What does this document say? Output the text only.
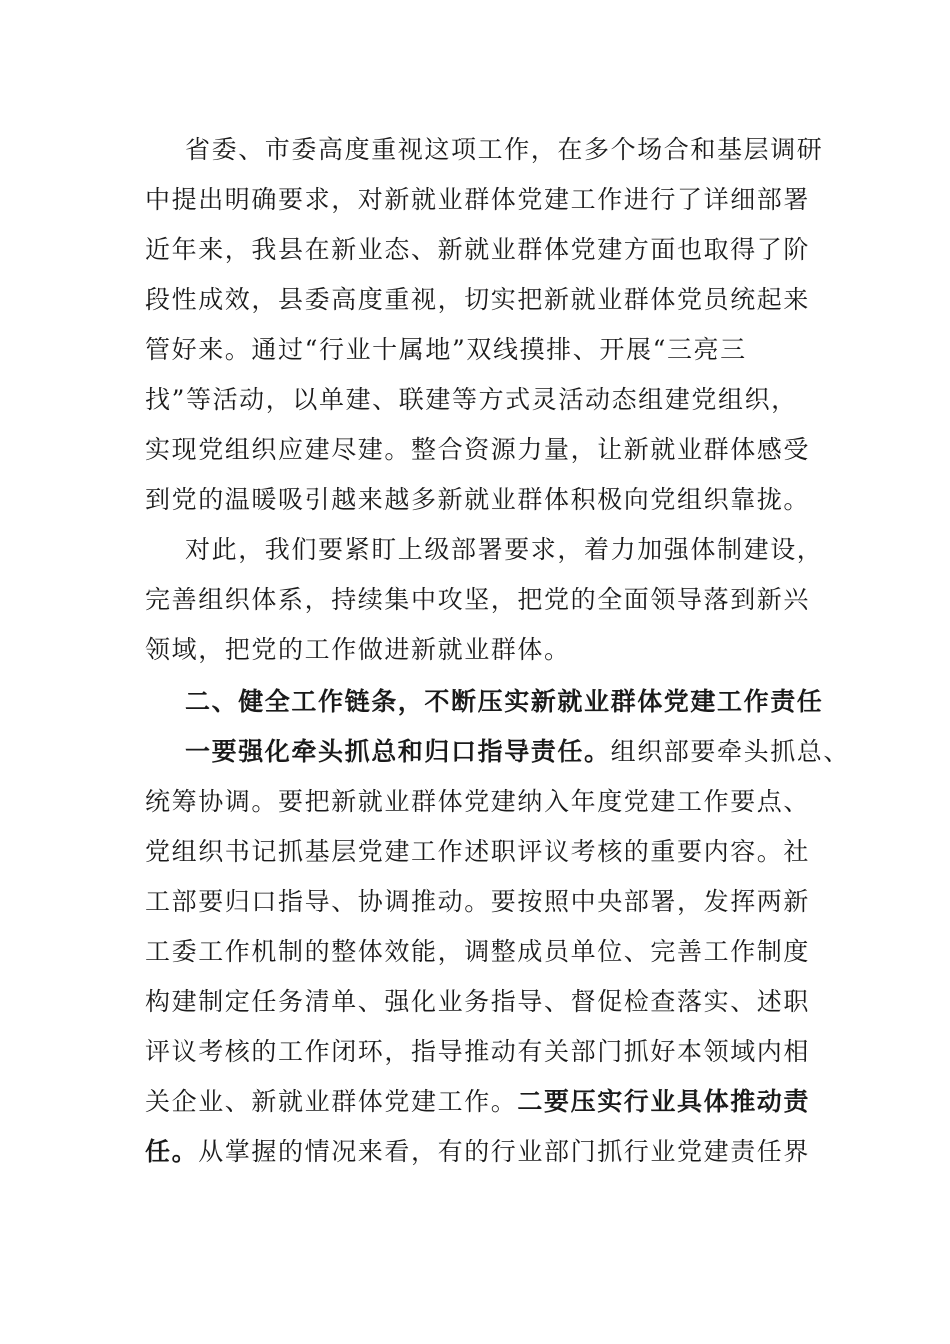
省委、市委高度重视这项工作，在多个场合和基层调研
中提出明确要求，对新就业群体党建工作进行了详细部署
近年来，我县在新业态、新就业群体党建方面也取得了阶
段性成效，县委高度重视，切实把新就业群体党员统起来
管好来。通过“行业十属地”双线摸排、开展“三亮三
找”等活动，以单建、联建等方式灵活动态组建党组织，
实现党组织应建尽建。整合资源力量，让新就业群体感受
到党的温暖吸引越来越多新就业群体积极向党组织靠拢。
对此，我们要紧盯上级部署要求，着力加强体制建设，
完善组织体系，持续集中攻坚，把党的全面领导落到新兴
领域，把党的工作做进新就业群体。
二、健全工作链条，不断压实新就业群体党建工作责任
一要强化牵头抓总和归口指导责任。组织部要牵头抓总、
统筹协调。要把新就业群体党建纳入年度党建工作要点、
党组织书记抓基层党建工作述职评议考核的重要内容。社
工部要归口指导、协调推动。要按照中央部署，发挥两新
工委工作机制的整体效能，调整成员单位、完善工作制度
构建制定任务清单、强化业务指导、督促检查落实、述职
评议考核的工作闭环，指导推动有关部门抓好本领域内相
关企业、新就业群体党建工作。二要压实行业具体推动责
任。从掌握的情况来看，有的行业部门抓行业党建责任界
